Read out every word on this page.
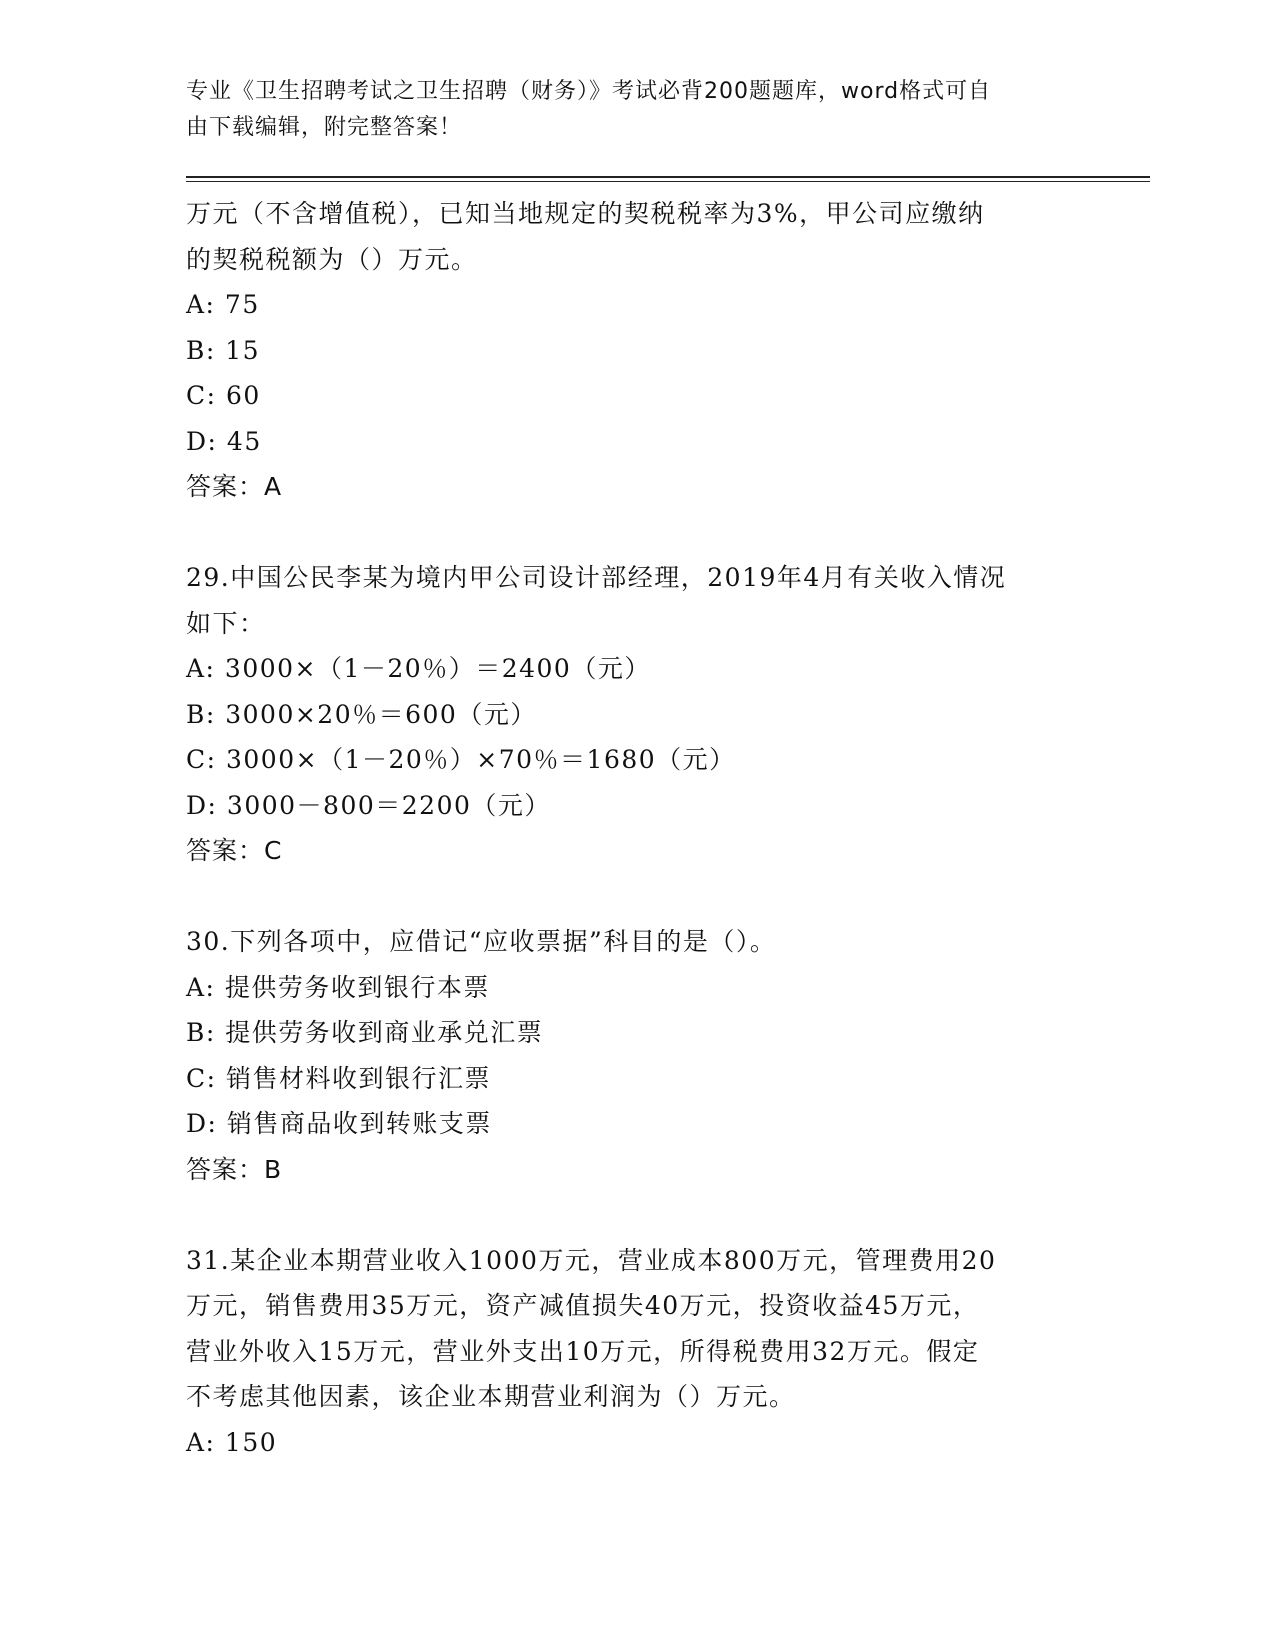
专业《卫生招聘考试之卫生招聘（财务）》考试必背200题题库，word格式可自

由下载编辑，附完整答案！

万元（不含增值税），已知当地规定的契税税率为3%，甲公司应缴纳

的契税税额为（）万元。

A: 75

B: 15

C: 60

D: 45

答案：A

29.中国公民李某为境内甲公司设计部经理，2019年4月有关收入情况

如下：

A: 3000×（1－20％）＝2400（元）

B: 3000×20％＝600（元）

C: 3000×（1－20％）×70％＝1680（元）

D: 3000－800＝2200（元）

答案：C

30.下列各项中，应借记“应收票据”科目的是（）。

A: 提供劳务收到银行本票

B: 提供劳务收到商业承兑汇票

C: 销售材料收到银行汇票

D: 销售商品收到转账支票

答案：B

31.某企业本期营业收入1000万元，营业成本800万元，管理费用20

万元，销售费用35万元，资产减值损失40万元，投资收益45万元，

营业外收入15万元，营业外支出10万元，所得税费用32万元。假定

不考虑其他因素，该企业本期营业利润为（）万元。

A: 150
